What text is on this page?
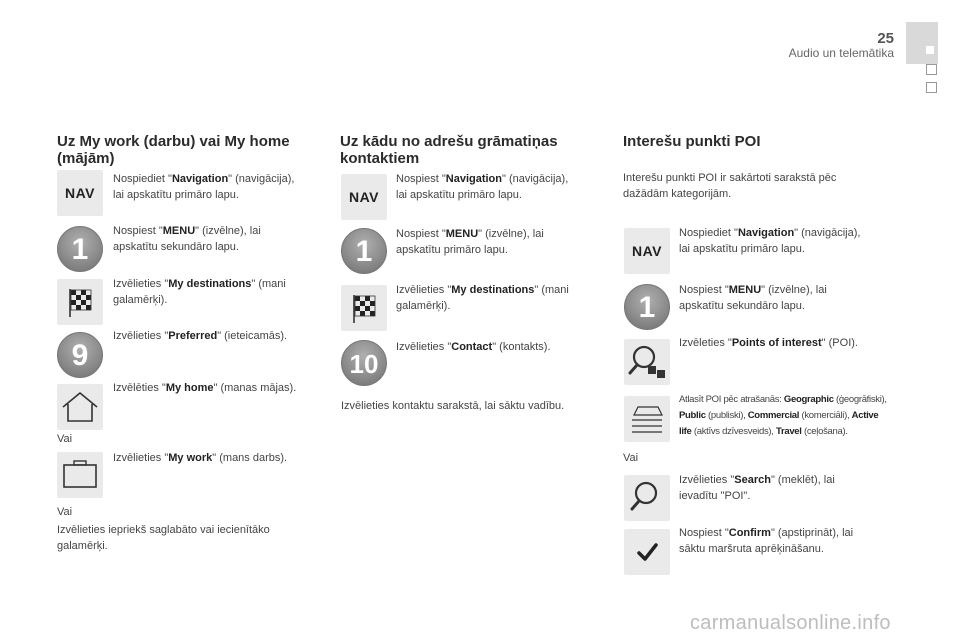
25
Audio un telemātika
Uz My work (darbu) vai My home
(mājām)
NAV
Nospiediet "Navigation" (navigācija),
lai apskatītu primāro lapu.
1
Nospiest "MENU" (izvēlne), lai
apskatītu sekundāro lapu.
Izvēlieties "My destinations" (mani
galamērķi).
9
Izvēlieties "Preferred" (ieteicamās).
Izvēlēties "My home" (manas mājas).
Vai
Izvēlieties "My work" (mans darbs).
Vai
Izvēlieties iepriekš saglabāto vai iecienītāko
galamērķi.
Uz kādu no adrešu grāmatiņas
kontaktiem
NAV
Nospiest "Navigation" (navigācija),
lai apskatītu primāro lapu.
1
Nospiest "MENU" (izvēlne), lai
apskatītu primāro lapu.
Izvēlieties "My destinations" (mani
galamērķi).
10
Izvēlieties "Contact" (kontakts).
Izvēlieties kontaktu sarakstā, lai sāktu vadību.
Interešu punkti POI
Interešu punkti POI ir sakārtoti sarakstā pēc
dažādām kategorijām.
NAV
Nospiediet "Navigation" (navigācija),
lai apskatītu primāro lapu.
1
Nospiest "MENU" (izvēlne), lai
apskatītu sekundāro lapu.
Izvēleties "Points of interest" (POI).
Atlasīt POI pēc atrašanās: Geographic (ģeogrāfiski),
Public (publiski), Commercial (komerciāli), Active
life (aktīvs dzīvesveids), Travel (ceļošana).
Vai
Izvēlieties "Search" (meklēt), lai
ievadītu "POI".
Nospiest "Confirm" (apstiprināt), lai
sāktu maršruta aprēķināšanu.
carmanualsonline.info
